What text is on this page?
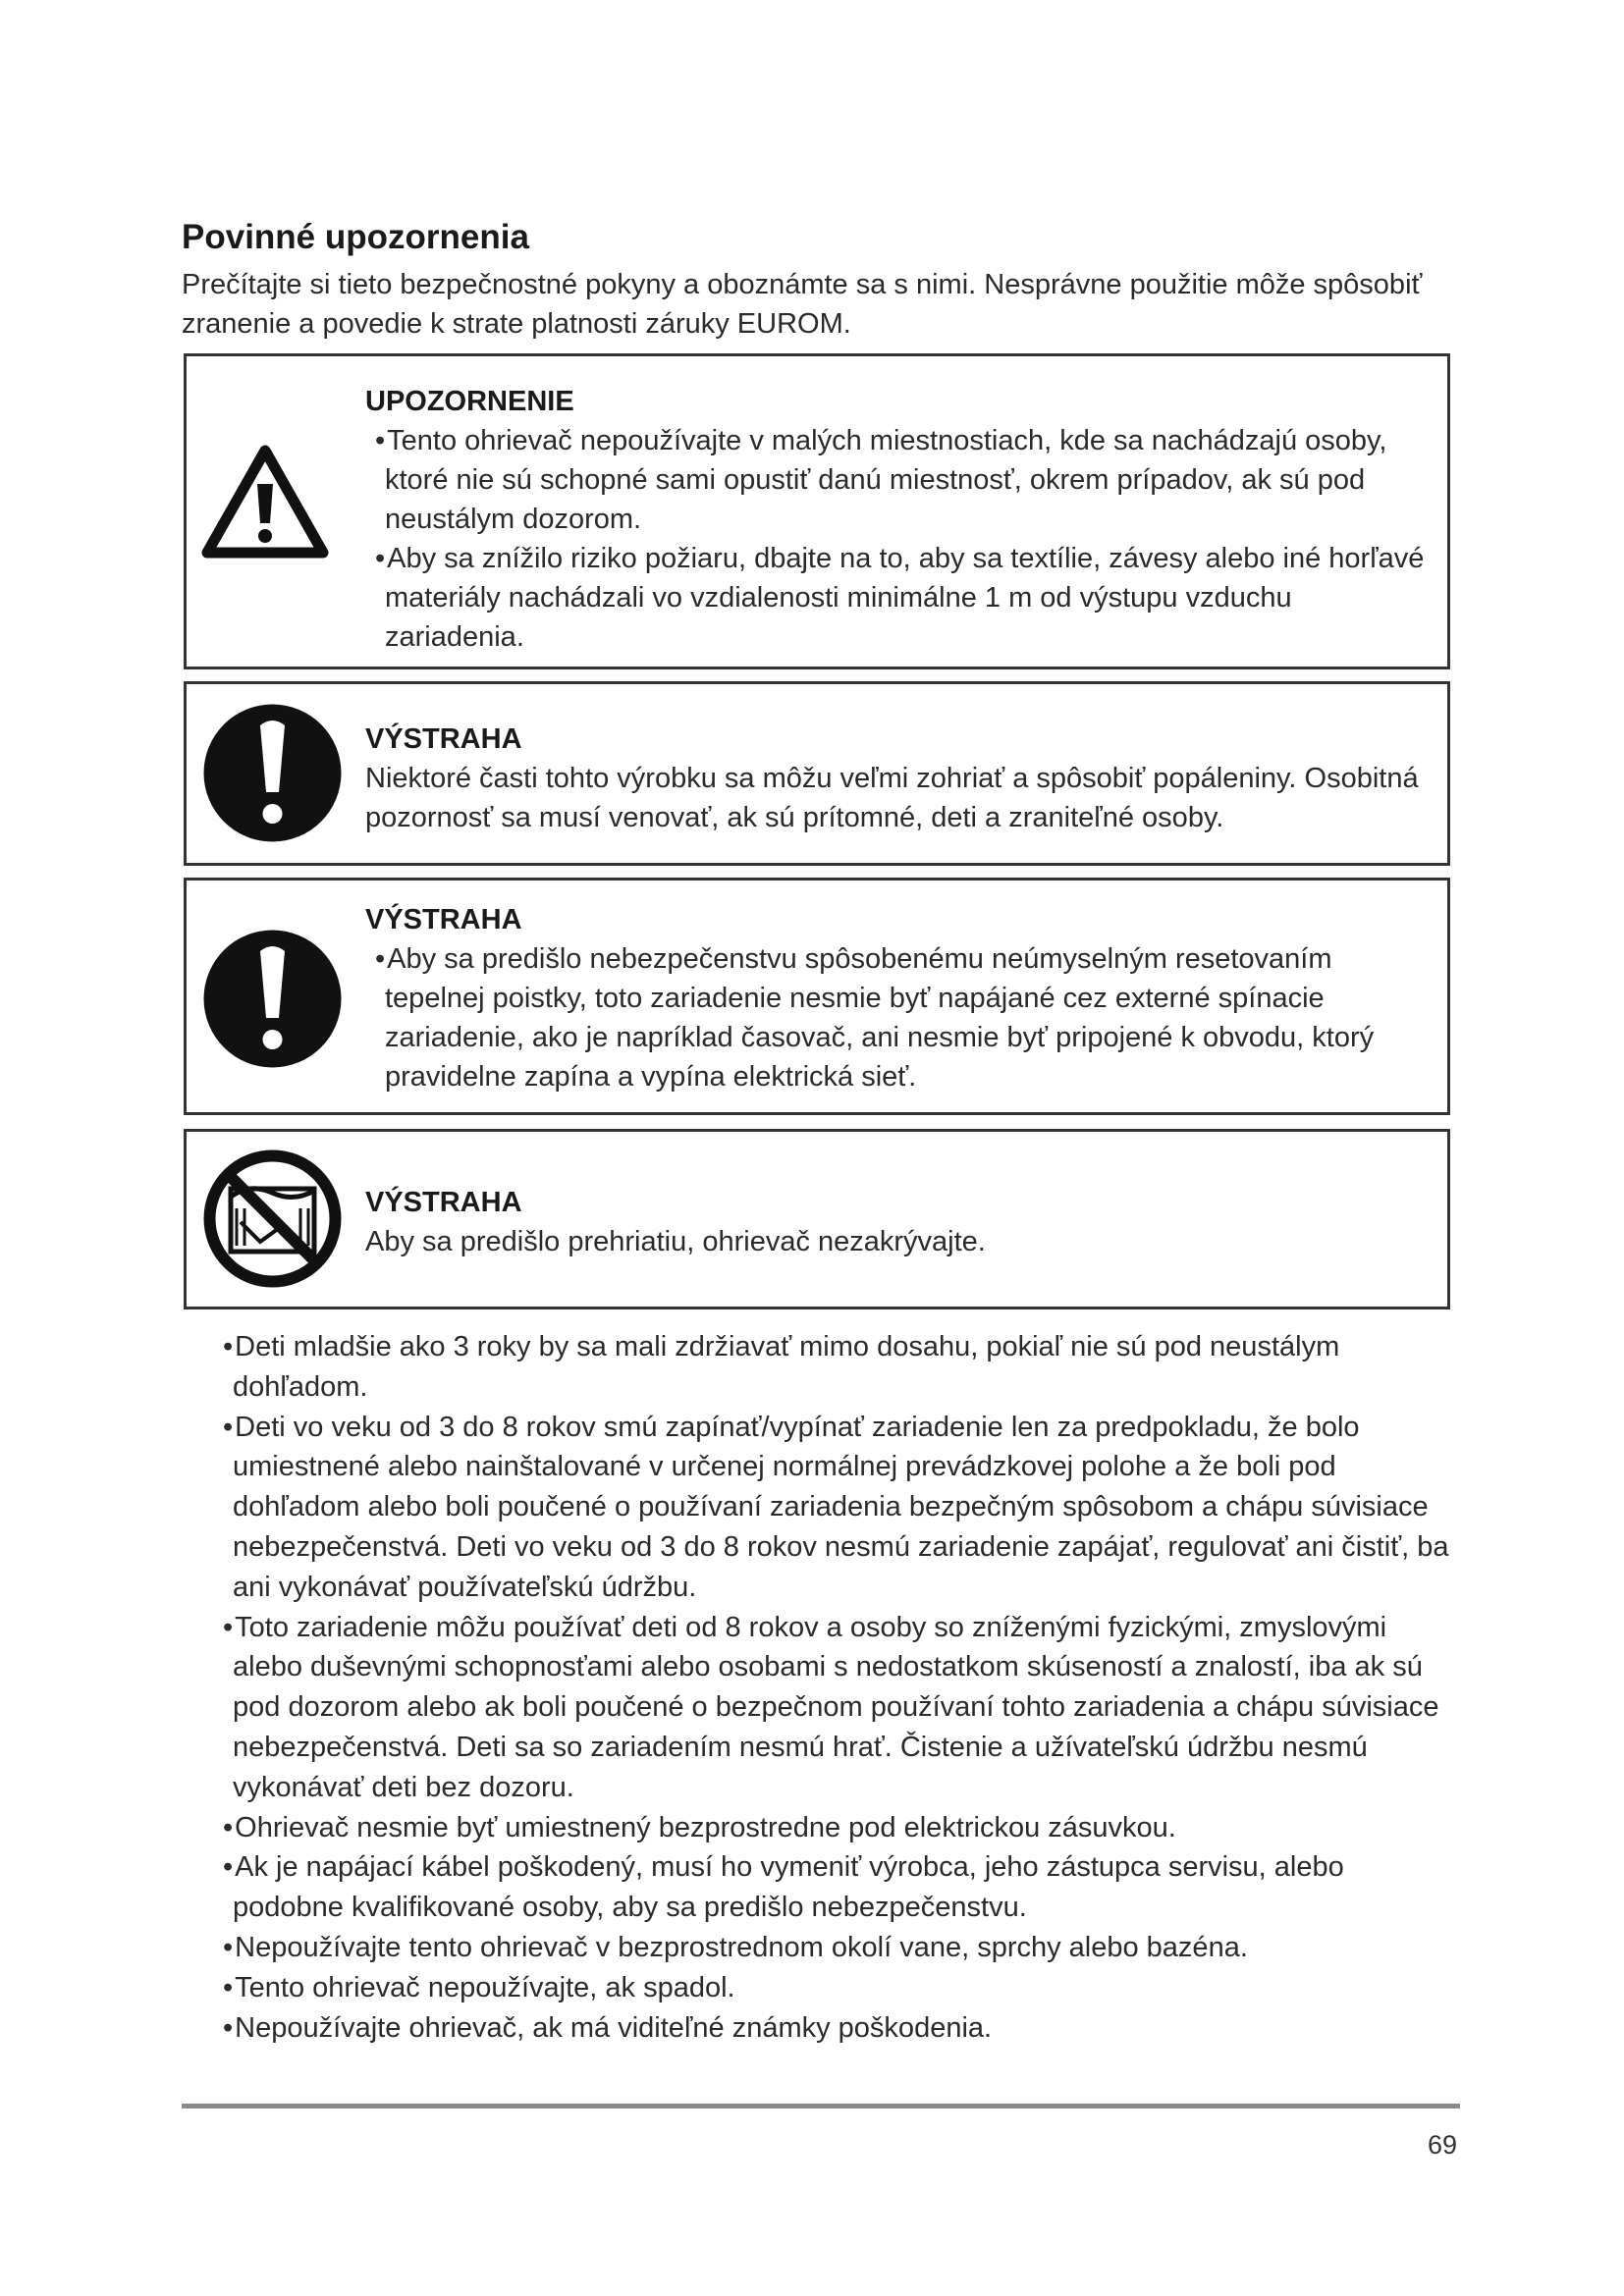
Povinné upozornenia
Prečítajte si tieto bezpečnostné pokyny a oboznámte sa s nimi. Nesprávne použitie môže spôsobiť zranenie a povedie k strate platnosti záruky EUROM.
UPOZORNENIE
• Tento ohrievač nepoužívajte v malých miestnostiach, kde sa nachádzajú osoby, ktoré nie sú schopné sami opustiť danú miestnosť, okrem prípadov, ak sú pod neustálym dozorom.
• Aby sa znížilo riziko požiaru, dbajte na to, aby sa textílie, závesy alebo iné horľavé materiály nachádzali vo vzdialenosti minimálne 1 m od výstupu vzduchu zariadenia.
VÝSTRAHA

Niektoré časti tohto výrobku sa môžu veľmi zohriať a spôsobiť popáleniny. Osobitná pozornosť sa musí venovať, ak sú prítomné, deti a zraniteľné osoby.

VÝSTRAHA
• Aby sa predišlo nebezpečenstvu spôsobenému neúmyselným resetovaním tepelnej poistky, toto zariadenie nesmie byť napájané cez externé spínacie zariadenie, ako je napríklad časovač, ani nesmie byť pripojené k obvodu, ktorý pravidelne zapína a vypína elektrická sieť.
VÝSTRAHA

Aby sa predišlo prehriatiu, ohrievač nezakrývajte.

• Deti mladšie ako 3 roky by sa mali zdržiavať mimo dosahu, pokiaľ nie sú pod neustálym dohľadom.
• Deti vo veku od 3 do 8 rokov smú zapínať/vypínať zariadenie len za predpokladu, že bolo umiestnené alebo nainštalované v určenej normálnej prevádzkovej polohe a že boli pod dohľadom alebo boli poučené o používaní zariadenia bezpečným spôsobom a chápu súvisiace nebezpečenstvá. Deti vo veku od 3 do 8 rokov nesmú zariadenie zapájať, regulovať ani čistiť, ba ani vykonávať používateľskú údržbu.
• Toto zariadenie môžu používať deti od 8 rokov a osoby so zníženými fyzickými, zmyslovými alebo duševnými schopnosťami alebo osobami s nedostatkom skúseností a znalostí, iba ak sú pod dozorom alebo ak boli poučené o bezpečnom používaní tohto zariadenia a chápu súvisiace nebezpečenstvá. Deti sa so zariadením nesmú hrať. Čistenie a užívateľskú údržbu nesmú vykonávať deti bez dozoru.
• Ohrievač nesmie byť umiestnený bezprostredne pod elektrickou zásuvkou.
• Ak je napájací kábel poškodený, musí ho vymeniť výrobca, jeho zástupca servisu, alebo podobne kvalifikované osoby, aby sa predišlo nebezpečenstvu.
• Nepoužívajte tento ohrievač v bezprostrednom okolí vane, sprchy alebo bazéna.
• Tento ohrievač nepoužívajte, ak spadol.
• Nepoužívajte ohrievač, ak má viditeľné známky poškodenia.
69
